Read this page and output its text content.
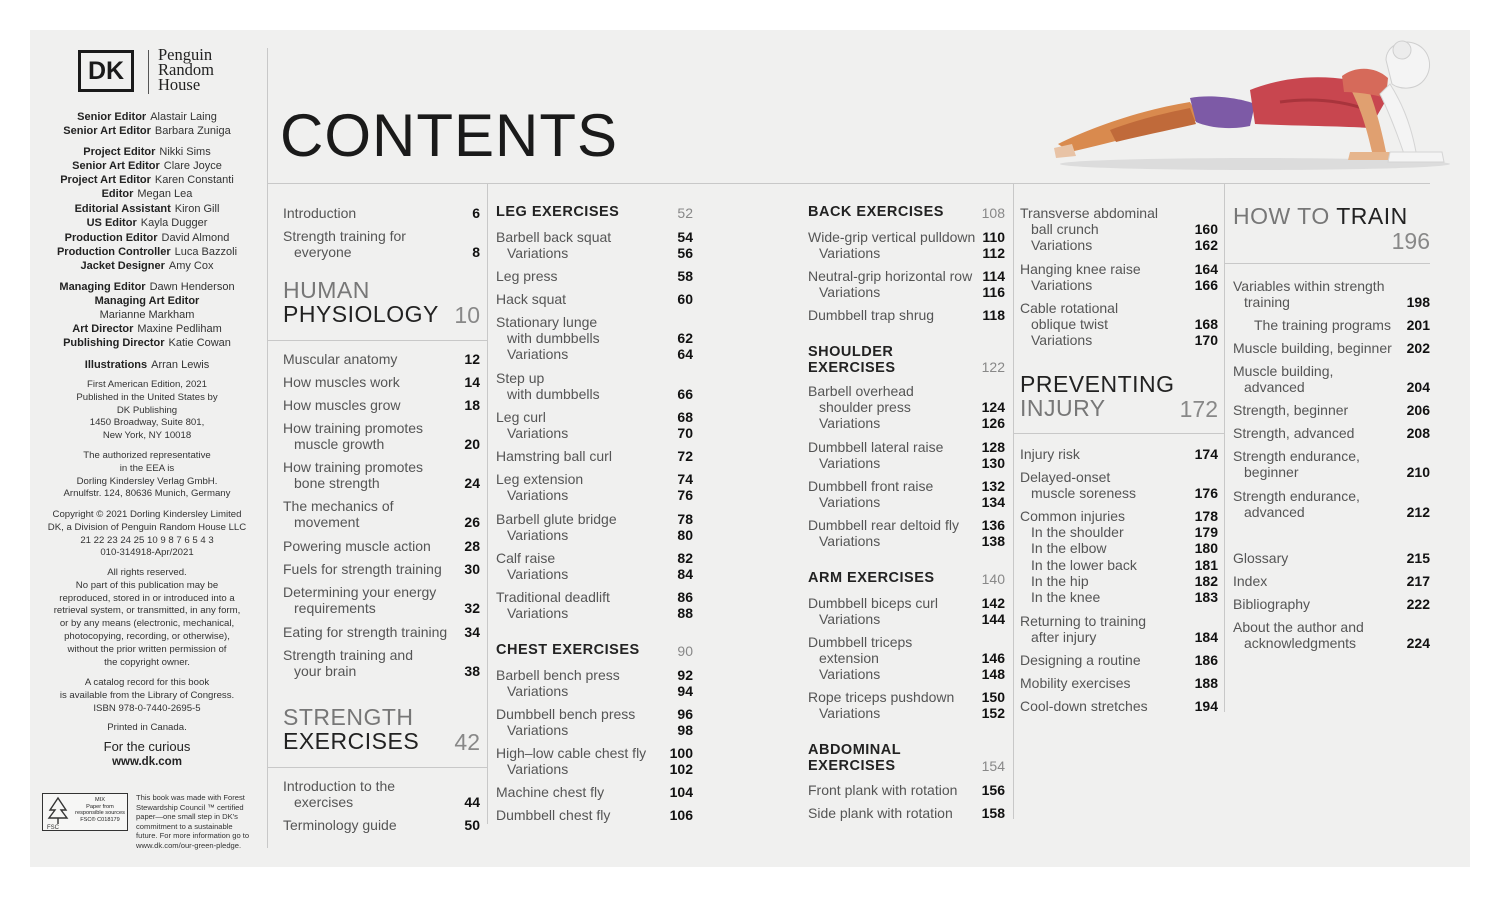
DK
Penguin
Random
House
First American Edition, 2021
Published in the United States by
DK Publishing
1450 Broadway, Suite 801,
New York, NY 10018
The authorized representative
in the EEA is
Dorling Kindersley Verlag GmbH.
Arnulfstr. 124, 80636 Munich, Germany
Copyright © 2021 Dorling Kindersley Limited
DK, a Division of Penguin Random House LLC
21 22 23 24 25 10 9 8 7 6 5 4 3
010-314918-Apr/2021
All rights reserved.
No part of this publication may be
reproduced, stored in or introduced into a
retrieval system, or transmitted, in any form,
or by any means (electronic, mechanical,
photocopying, recording, or otherwise),
without the prior written permission of
the copyright owner.
A catalog record for this book
is available from the Library of Congress.
ISBN 978-0-7440-2695-5
Printed in Canada.
For the curious
www.dk.com
FSC
MIX
Paper from
responsible sources
FSC® C018179
This book was made with Forest
Stewardship Council ™ certified
paper—one small step in DK's
commitment to a sustainable
future. For more information go to
www.dk.com/our-green-pledge.
CONTENTS
Senior Editor Alastair Laing
Senior Art Editor Barbara Zuniga
Project Editor Nikki Sims
Senior Art Editor Clare Joyce
Project Art Editor Karen Constanti
Editor Megan Lea
Editorial Assistant Kiron Gill
US Editor Kayla Dugger
Production Editor David Almond
Production Controller Luca Bazzoli
Jacket Designer Amy Cox
Managing Editor Dawn Henderson
Managing Art Editor
Marianne Markham
Art Director Maxine Pedliham
Publishing Director Katie Cowan
Illustrations Arran Lewis
Introduction	6
Strength training for
everyone	8
HUMAN
PHYSIOLOGY 10
Muscular anatomy	12
How muscles work	14
How muscles grow	18
How training promotes
muscle growth	20
How training promotes
bone strength	24
The mechanics of
movement	26
Powering muscle action	28
Fuels for strength training	30
Determining your energy
requirements	32
Eating for strength training	34
Strength training and
your brain	38
STRENGTH
EXERCISES	42
Introduction to the
exercises	44
Terminology guide	50
LEG EXERCISES	52
Barbell back squat	54
Variations	56
Leg press	58
Hack squat	60
Stationary lunge
with dumbbells	62
Variations	64
Step up
with dumbbells	66
Leg curl	68
Variations	70
Hamstring ball curl	72
Leg extension	74
Variations	76
Barbell glute bridge	78
Variations	80
Calf raise	82
Variations	84
Traditional deadlift	86
Variations	88
CHEST EXERCISES	90
Barbell bench press	92
Variations	94
Dumbbell bench press	96
Variations	98
High–low cable chest fly	100
Variations	102
Machine chest fly	104
Dumbbell chest fly	106
BACK EXERCISES	108
Wide-grip vertical pulldown 110
Variations	112
Neutral-grip horizontal row 114
Variations	116
Dumbbell trap shrug	118
SHOULDER
EXERCISES	122
Barbell overhead
shoulder press	124
Variations	126
Dumbbell lateral raise	128
Variations	130
Dumbbell front raise	132
Variations	134
Dumbbell rear deltoid fly	136
Variations	138
ARM EXERCISES	140
Dumbbell biceps curl	142
Variations	144
Dumbbell triceps
extension	146
Variations	148
Rope triceps pushdown	150
Variations	152
ABDOMINAL
EXERCISES	154
Front plank with rotation	156
Side plank with rotation	158
Transverse abdominal
ball crunch	160
Variations	162
Hanging knee raise	164
Variations	166
Cable rotational
oblique twist	168
Variations	170
PREVENTING
INJURY	172
Injury risk	174
Delayed-onset
muscle soreness	176
Common injuries	178
In the shoulder	179
In the elbow	180
In the lower back	181
In the hip	182
In the knee	183
Returning to training
after injury	184
Designing a routine	186
Mobility exercises	188
Cool-down stretches	194
HOW TO TRAIN
196
Variables within strength
training	198
The training programs	201
Muscle building, beginner	202
Muscle building,
advanced	204
Strength, beginner	206
Strength, advanced	208
Strength endurance,
beginner	210
Strength endurance,
advanced	212
Glossary	215
Index	217
Bibliography	222
About the author and
acknowledgments	224
